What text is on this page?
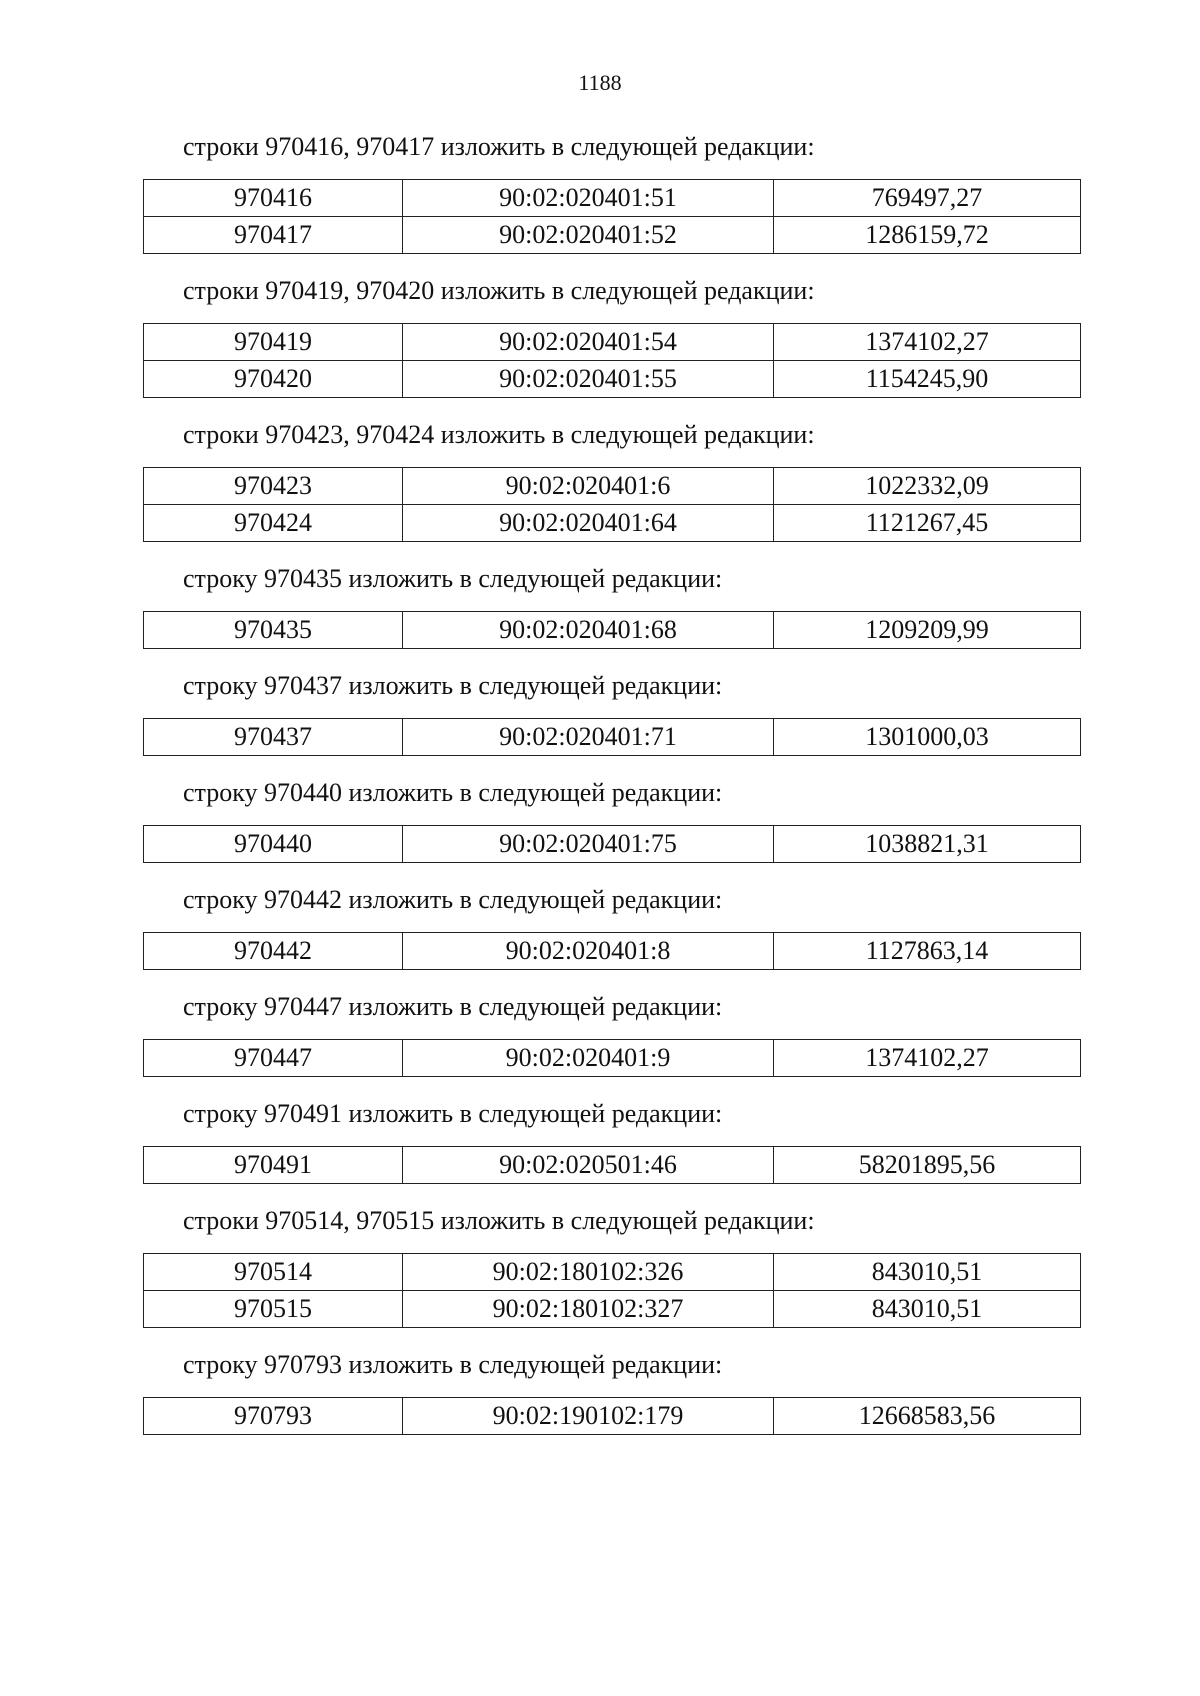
1188

строки 970416, 970417 изложить в следующей редакции:

970416	90:02:020401:51	769497,27
970417	90:02:020401:52	1286159,72

строки 970419, 970420 изложить в следующей редакции:

970419	90:02:020401:54	1374102,27
970420	90:02:020401:55	1154245,90

строки 970423, 970424 изложить в следующей редакции:

970423	90:02:020401:6	1022332,09
970424	90:02:020401:64	1121267,45

строку 970435 изложить в следующей редакции:

970435	90:02:020401:68	1209209,99

строку 970437 изложить в следующей редакции:

970437	90:02:020401:71	1301000,03

строку 970440 изложить в следующей редакции:

970440	90:02:020401:75	1038821,31

строку 970442 изложить в следующей редакции:

970442	90:02:020401:8	1127863,14

строку 970447 изложить в следующей редакции:

970447	90:02:020401:9	1374102,27

строку 970491 изложить в следующей редакции:

970491	90:02:020501:46	58201895,56

строки 970514, 970515 изложить в следующей редакции:

970514	90:02:180102:326	843010,51
970515	90:02:180102:327	843010,51

строку 970793 изложить в следующей редакции:

970793	90:02:190102:179	12668583,56
